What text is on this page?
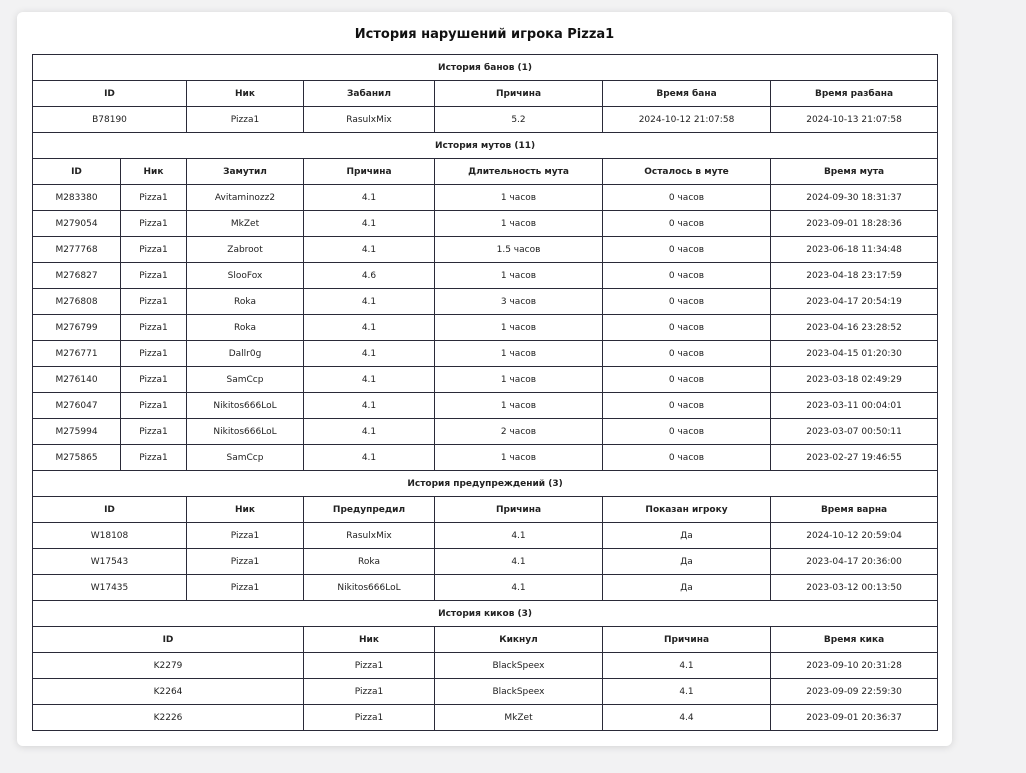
История нарушений игрока Pizza1
История банов (1)						
ID		Ник	Забанил	Причина	Время бана	Время разбана
B78190		Pizza1	RasulxMix	5.2	2024-10-12 21:07:58	2024-10-13 21:07:58
История мутов (11)						
ID	Ник	Замутил	Причина	Длительность мута	Осталось в муте	Время мута
M283380	Pizza1	Avitaminozz2	4.1	1 часов	0 часов	2024-09-30 18:31:37
M279054	Pizza1	MkZet	4.1	1 часов	0 часов	2023-09-01 18:28:36
M277768	Pizza1	Zabroot	4.1	1.5 часов	0 часов	2023-06-18 11:34:48
M276827	Pizza1	SlooFox	4.6	1 часов	0 часов	2023-04-18 23:17:59
M276808	Pizza1	Roka	4.1	3 часов	0 часов	2023-04-17 20:54:19
M276799	Pizza1	Roka	4.1	1 часов	0 часов	2023-04-16 23:28:52
M276771	Pizza1	Dallr0g	4.1	1 часов	0 часов	2023-04-15 01:20:30
M276140	Pizza1	SamCcp	4.1	1 часов	0 часов	2023-03-18 02:49:29
M276047	Pizza1	Nikitos666LoL	4.1	1 часов	0 часов	2023-03-11 00:04:01
M275994	Pizza1	Nikitos666LoL	4.1	2 часов	0 часов	2023-03-07 00:50:11
M275865	Pizza1	SamCcp	4.1	1 часов	0 часов	2023-02-27 19:46:55
История предупреждений (3)						
ID		Ник	Предупредил	Причина	Показан игроку	Время варна
W18108		Pizza1	RasulxMix	4.1	Да	2024-10-12 20:59:04
W17543		Pizza1	Roka	4.1	Да	2023-04-17 20:36:00
W17435		Pizza1	Nikitos666LoL	4.1	Да	2023-03-12 00:13:50
История киков (3)						
ID			Ник	Кикнул	Причина	Время кика
K2279			Pizza1	BlackSpeex	4.1	2023-09-10 20:31:28
K2264			Pizza1	BlackSpeex	4.1	2023-09-09 22:59:30
K2226			Pizza1	MkZet	4.4	2023-09-01 20:36:37
